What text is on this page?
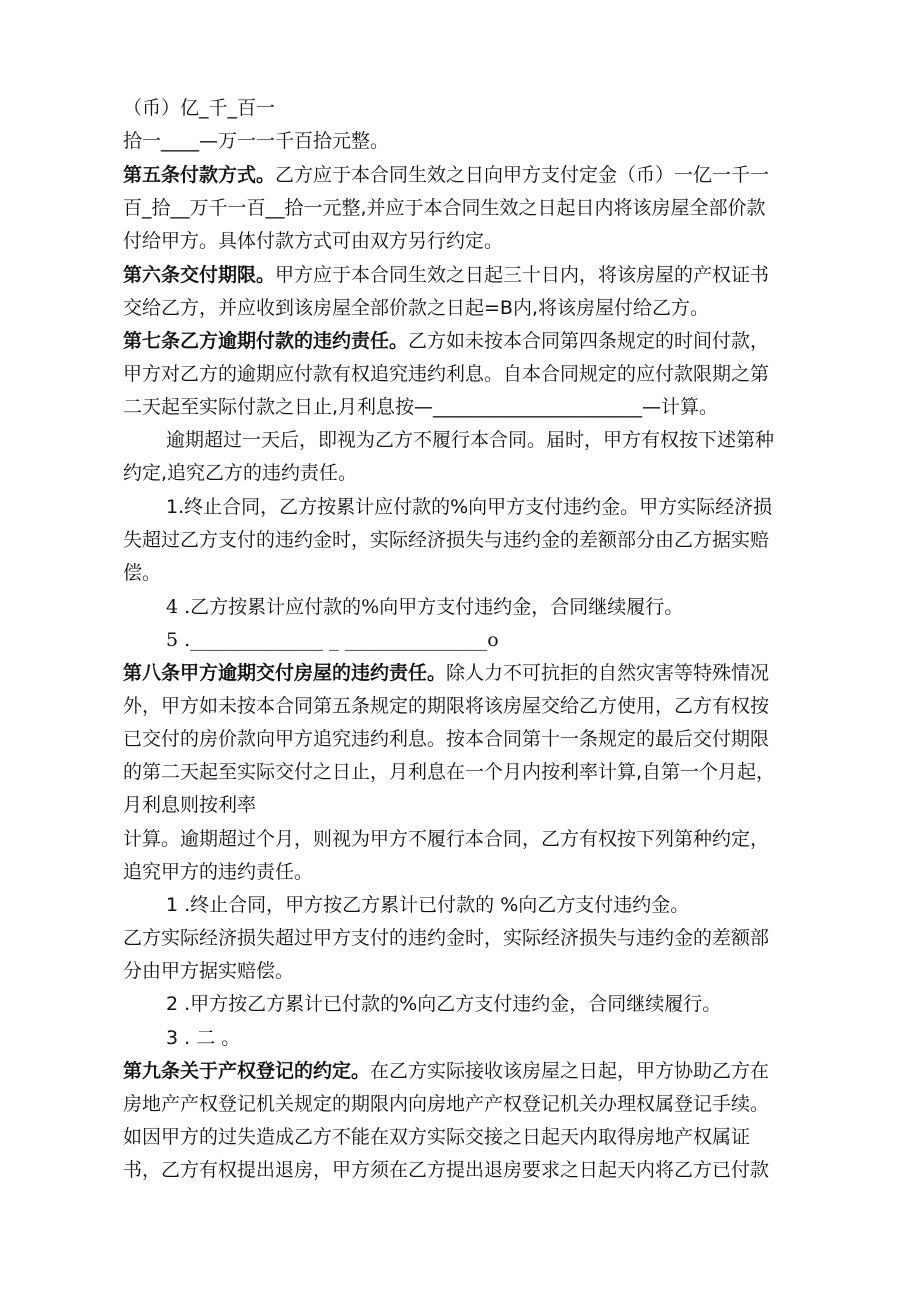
（币）亿_千_百一
拾一____—万一一千百拾元整。
第五条付款方式。乙方应于本合同生效之日向甲方支付定金（币）一亿一千一
百_拾__万千一百__拾一元整,并应于本合同生效之日起日内将该房屋全部价款
付给甲方。具体付款方式可由双方另行约定。
第六条交付期限。甲方应于本合同生效之日起三十日内，将该房屋的产权证书
交给乙方，并应收到该房屋全部价款之日起=B内,将该房屋付给乙方。
第七条乙方逾期付款的违约责任。乙方如未按本合同第四条规定的时间付款，
甲方对乙方的逾期应付款有权追究违约利息。自本合同规定的应付款限期之第
二天起至实际付款之日止,月利息按—______________________—计算。
逾期超过一天后，即视为乙方不履行本合同。届时，甲方有权按下述第种
约定,追究乙方的违约责任。
1.终止合同，乙方按累计应付款的%向甲方支付违约金。甲方实际经济损
失超过乙方支付的违约金时，实际经济损失与违约金的差额部分由乙方据实赔
偿。
4 .乙方按累计应付款的%向甲方支付违约金，合同继续履行。
5 .______________ _ _______________o
第八条甲方逾期交付房屋的违约责任。除人力不可抗拒的自然灾害等特殊情况
外，甲方如未按本合同第五条规定的期限将该房屋交给乙方使用，乙方有权按
已交付的房价款向甲方追究违约利息。按本合同第十一条规定的最后交付期限
的第二天起至实际交付之日止，月利息在一个月内按利率计算,自第一个月起，
月利息则按利率
计算。逾期超过个月，则视为甲方不履行本合同，乙方有权按下列第种约定，
追究甲方的违约责任。
1 .终止合同，甲方按乙方累计已付款的 %向乙方支付违约金。
乙方实际经济损失超过甲方支付的违约金时，实际经济损失与违约金的差额部
分由甲方据实赔偿。
2 .甲方按乙方累计已付款的%向乙方支付违约金，合同继续履行。
3 . 二 。
第九条关于产权登记的约定。在乙方实际接收该房屋之日起，甲方协助乙方在
房地产产权登记机关规定的期限内向房地产产权登记机关办理权属登记手续。
如因甲方的过失造成乙方不能在双方实际交接之日起天内取得房地产权属证
书，乙方有权提出退房，甲方须在乙方提出退房要求之日起天内将乙方已付款
